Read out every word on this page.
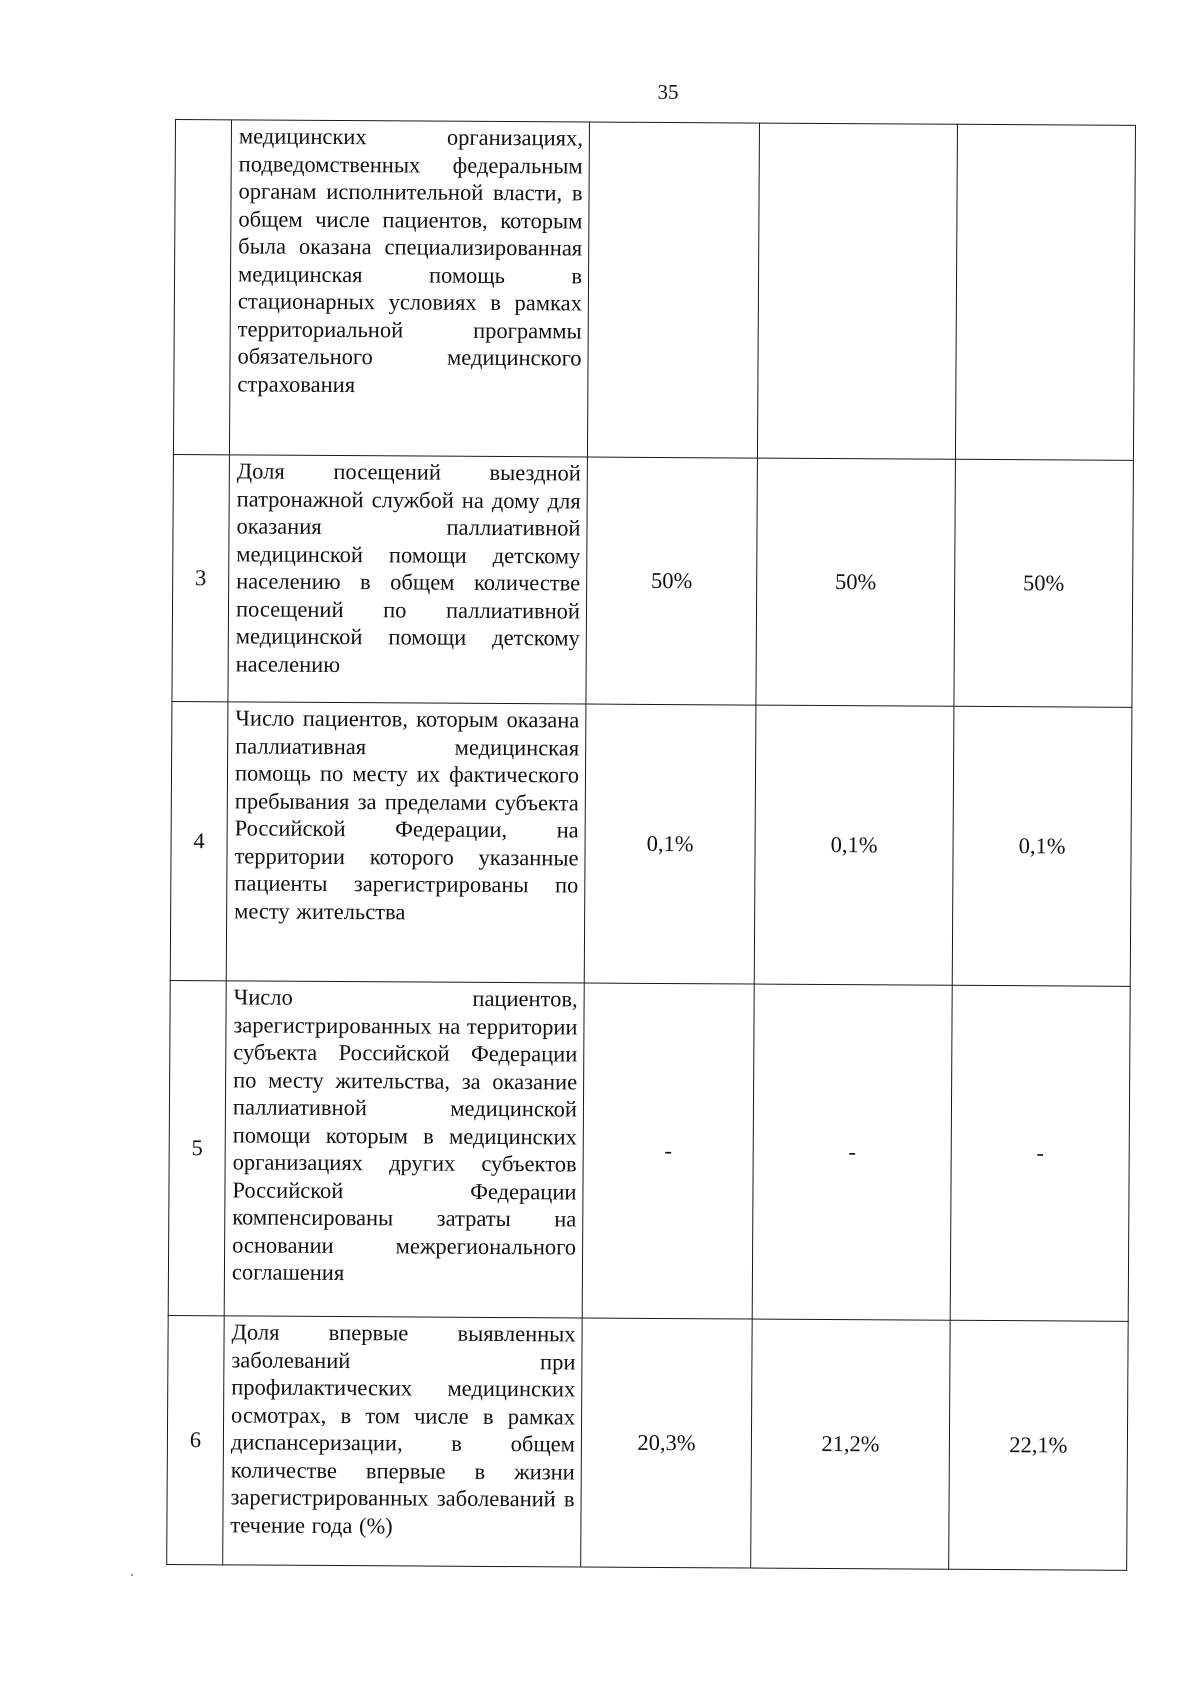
35

	медицинских организациях, подведомственных федеральным органам исполнительной власти, в общем числе пациентов, которым была оказана специализированная медицинская помощь в стационарных условиях в рамках территориальной программы обязательного медицинского страхования			

3	Доля посещений выездной патронажной службой на дому для оказания паллиативной медицинской помощи детскому населению в общем количестве посещений по паллиативной медицинской помощи детскому населению	50%	50%	50%
4	Число пациентов, которым оказана паллиативная медицинская помощь по месту их фактического пребывания за пределами субъекта Российской Федерации, на территории которого указанные пациенты зарегистрированы по месту жительства	0,1%	0,1%	0,1%
5	Число пациентов, зарегистрированных на территории субъекта Российской Федерации по месту жительства, за оказание паллиативной медицинской помощи которым в медицинских организациях других субъектов Российской Федерации компенсированы затраты на основании межрегионального соглашения	-	-	-
6	Доля впервые выявленных заболеваний при профилактических медицинских осмотрах, в том числе в рамках диспансеризации, в общем количестве впервые в жизни зарегистрированных заболеваний в течение года (%)	20,3%	21,2%	22,1%
